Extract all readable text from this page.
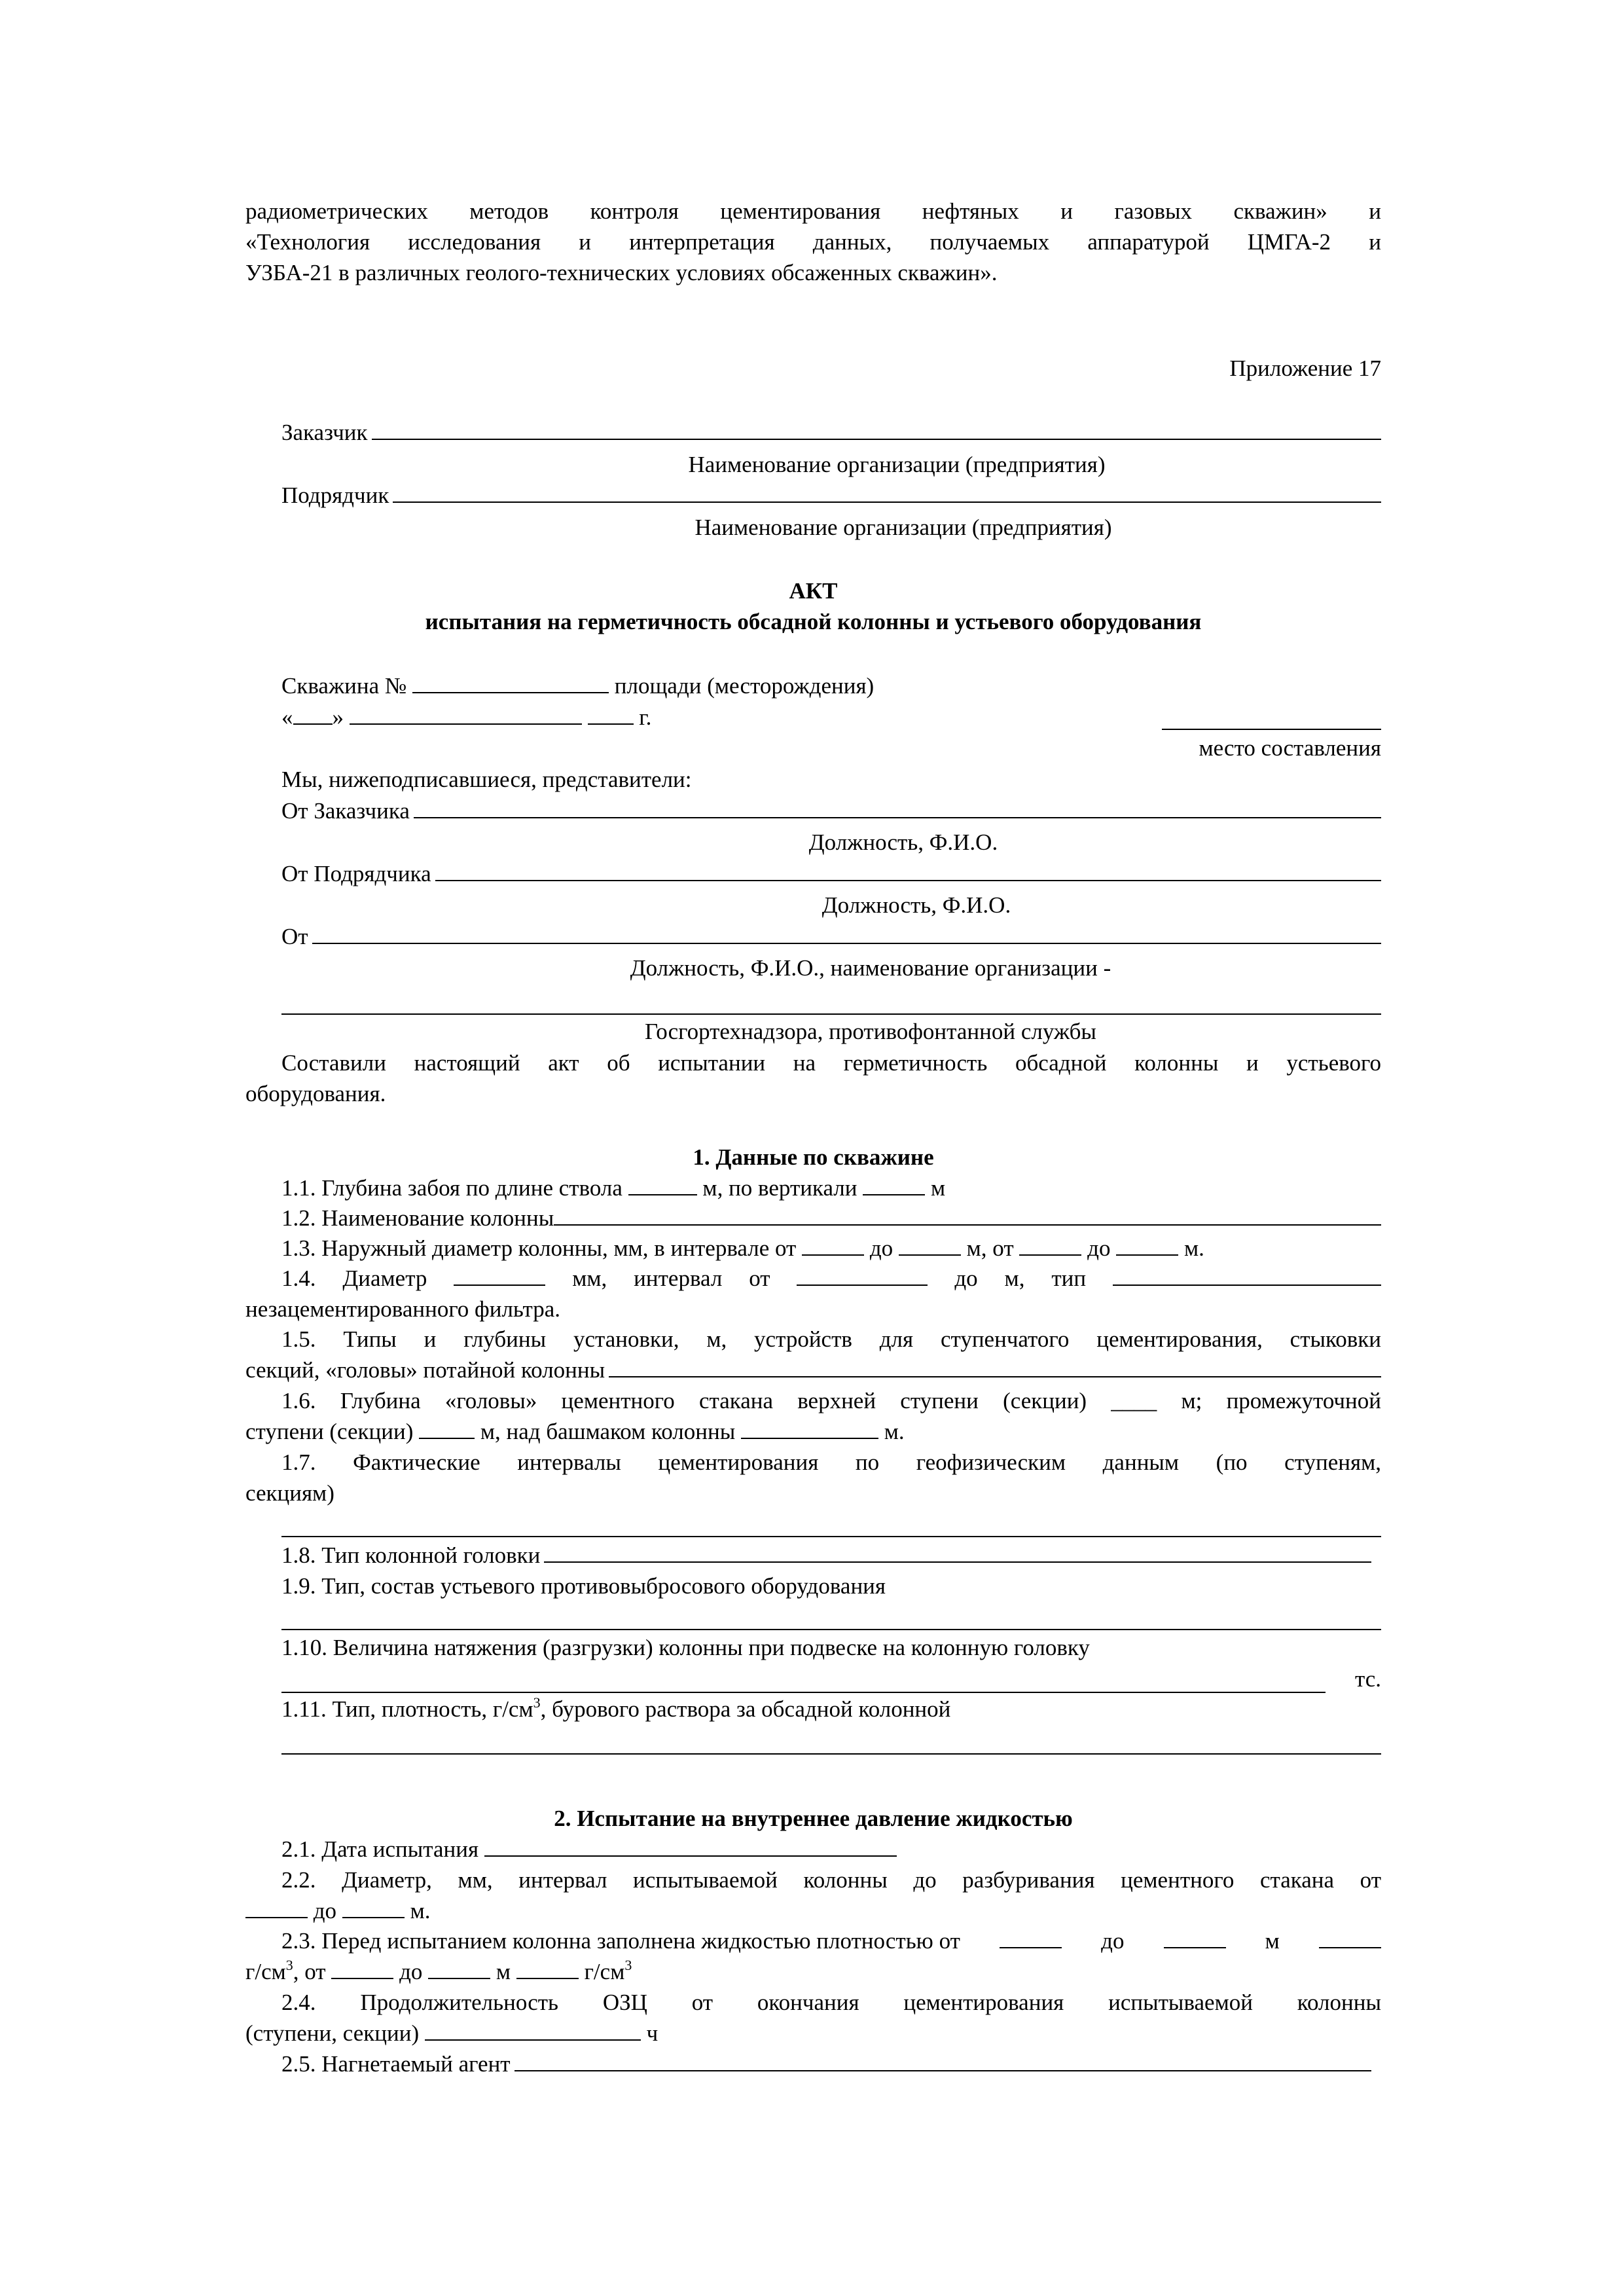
радиометрических методов контроля цементирования нефтяных и газовых скважин» и
«Технология исследования и интерпретация данных, получаемых аппаратурой ЦМГА-2 и
УЗБА-21 в различных геолого-технических условиях обсаженных скважин».
Приложение 17
Заказчик
Наименование организации (предприятия)
Подрядчик
Наименование организации (предприятия)
АКТ
испытания на герметичность обсадной колонны и устьевого оборудования
Скважина №	площади (месторождения)
« »	г.
место составления
Мы, нижеподписавшиеся, представители:
От Заказчика
Должность, Ф.И.О.
От Подрядчика
Должность, Ф.И.О.
От
Должность, Ф.И.О., наименование организации -
Госгортехнадзора, противофонтанной службы
Составили настоящий акт об испытании на герметичность обсадной колонны и устьевого
оборудования.
1. Данные по скважине
1.1. Глубина забоя по длине ствола	м, по вертикали	м
1.2. Наименование колонны
1.3. Наружный диаметр колонны, мм, в интервале от	до	м, от	до	м.
1.4. Диаметр	мм, интервал от	до м, тип
незацементированного фильтра.
1.5. Типы и глубины установки, м, устройств для ступенчатого цементирования, стыковки
секций, «головы» потайной колонны
1.6. Глубина «головы» цементного стакана верхней ступени (секции) ____ м; промежуточной
ступени (секции)	м, над башмаком колонны	м.
1.7. Фактические интервалы цементирования по геофизическим данным (по ступеням,
секциям)
1.8. Тип колонной головки
1.9. Тип, состав устьевого противовыбросового оборудования
1.10. Величина натяжения (разгрузки) колонны при подвеске на колонную головку
тс.
1.11. Тип, плотность, $г/см^3$, бурового раствора за обсадной колонной
2. Испытание на внутреннее давление жидкостью
2.1. Дата испытания
2.2. Диаметр, мм, интервал испытываемой колонны до разбуривания цементного стакана от
до	м.
2.3. Перед испытанием колонна заполнена жидкостью плотностью от	до	м
$г/см^3$, от	до	м	$г/см^3$
2.4. Продолжительность ОЗЦ от окончания цементирования испытываемой колонны
(ступени, секции)	ч
2.5. Нагнетаемый агент
